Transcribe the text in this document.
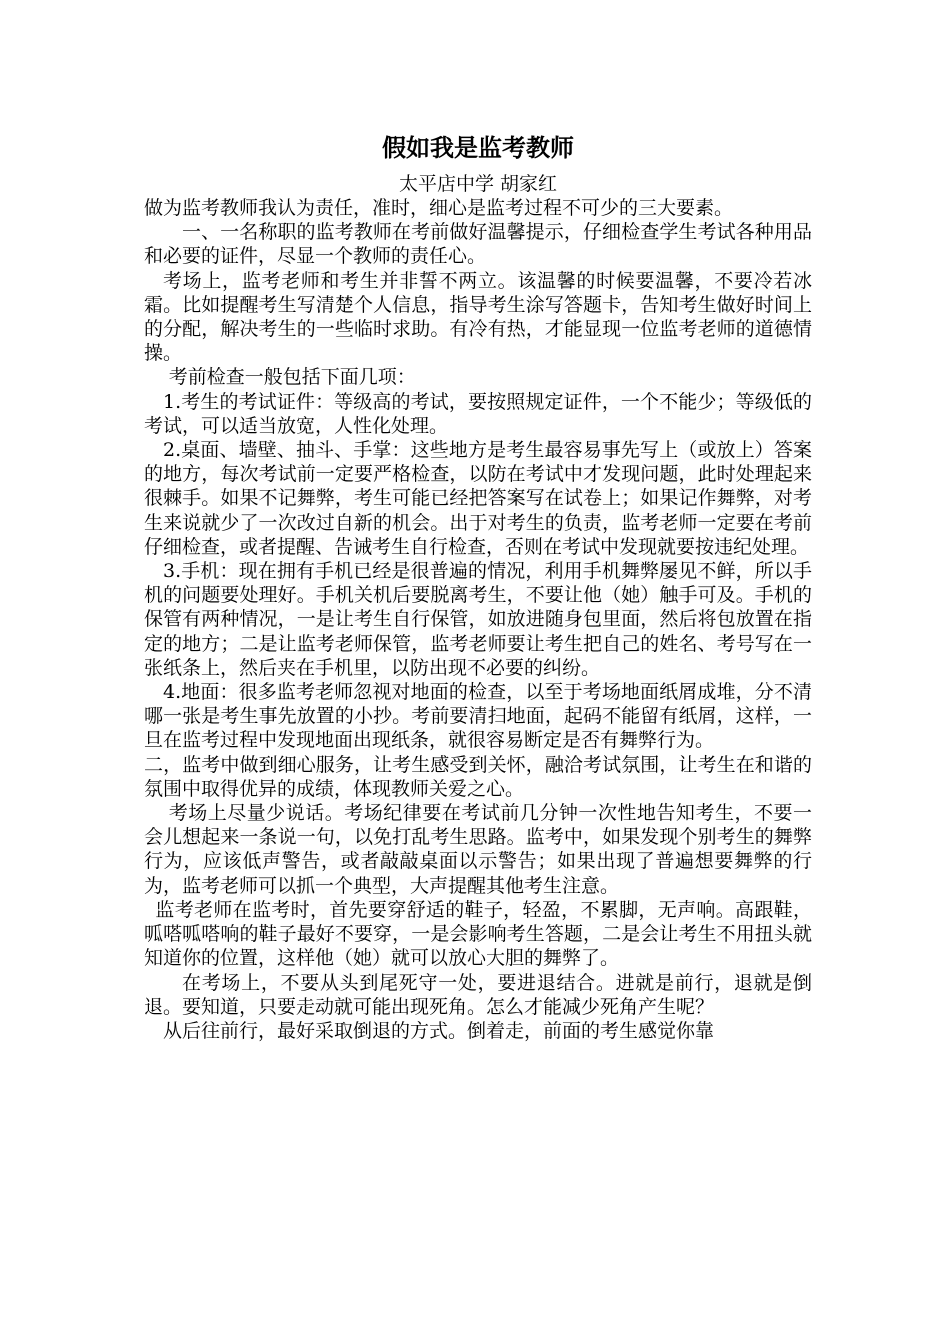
假如我是监考教师
太平店中学 胡家红

做为监考教师我认为责任，准时，细心是监考过程不可少的三大要素。

一、一名称职的监考教师在考前做好温馨提示，仔细检查学生考试各种用品和必要的证件，尽显一个教师的责任心。

考场上，监考老师和考生并非誓不两立。该温馨的时候要温馨，不要冷若冰霜。比如提醒考生写清楚个人信息，指导考生涂写答题卡，告知考生做好时间上的分配，解决考生的一些临时求助。有冷有热，才能显现一位监考老师的道德情操。

考前检查一般包括下面几项：

1.考生的考试证件：等级高的考试，要按照规定证件，一个不能少；等级低的考试，可以适当放宽，人性化处理。

2.桌面、墙壁、抽斗、手掌：这些地方是考生最容易事先写上（或放上）答案的地方，每次考试前一定要严格检查，以防在考试中才发现问题，此时处理起来很棘手。如果不记舞弊，考生可能已经把答案写在试卷上；如果记作舞弊，对考生来说就少了一次改过自新的机会。出于对考生的负责，监考老师一定要在考前仔细检查，或者提醒、告诫考生自行检查，否则在考试中发现就要按违纪处理。

3.手机：现在拥有手机已经是很普遍的情况，利用手机舞弊屡见不鲜，所以手机的问题要处理好。手机关机后要脱离考生，不要让他（她）触手可及。手机的保管有两种情况，一是让考生自行保管，如放进随身包里面，然后将包放置在指定的地方；二是让监考老师保管，监考老师要让考生把自己的姓名、考号写在一张纸条上，然后夹在手机里，以防出现不必要的纠纷。

4.地面：很多监考老师忽视对地面的检查，以至于考场地面纸屑成堆，分不清哪一张是考生事先放置的小抄。考前要清扫地面，起码不能留有纸屑，这样，一旦在监考过程中发现地面出现纸条，就很容易断定是否有舞弊行为。

二，监考中做到细心服务，让考生感受到关怀，融洽考试氛围，让考生在和谐的氛围中取得优异的成绩，体现教师关爱之心。

考场上尽量少说话。考场纪律要在考试前几分钟一次性地告知考生，不要一会儿想起来一条说一句，以免打乱考生思路。监考中，如果发现个别考生的舞弊行为，应该低声警告，或者敲敲桌面以示警告；如果出现了普遍想要舞弊的行为，监考老师可以抓一个典型，大声提醒其他考生注意。

监考老师在监考时，首先要穿舒适的鞋子，轻盈，不累脚，无声响。高跟鞋，呱嗒呱嗒响的鞋子最好不要穿，一是会影响考生答题，二是会让考生不用扭头就知道你的位置，这样他（她）就可以放心大胆的舞弊了。

在考场上，不要从头到尾死守一处，要进退结合。进就是前行，退就是倒退。要知道，只要走动就可能出现死角。怎么才能减少死角产生呢？

从后往前行，最好采取倒退的方式。倒着走，前面的考生感觉你靠
